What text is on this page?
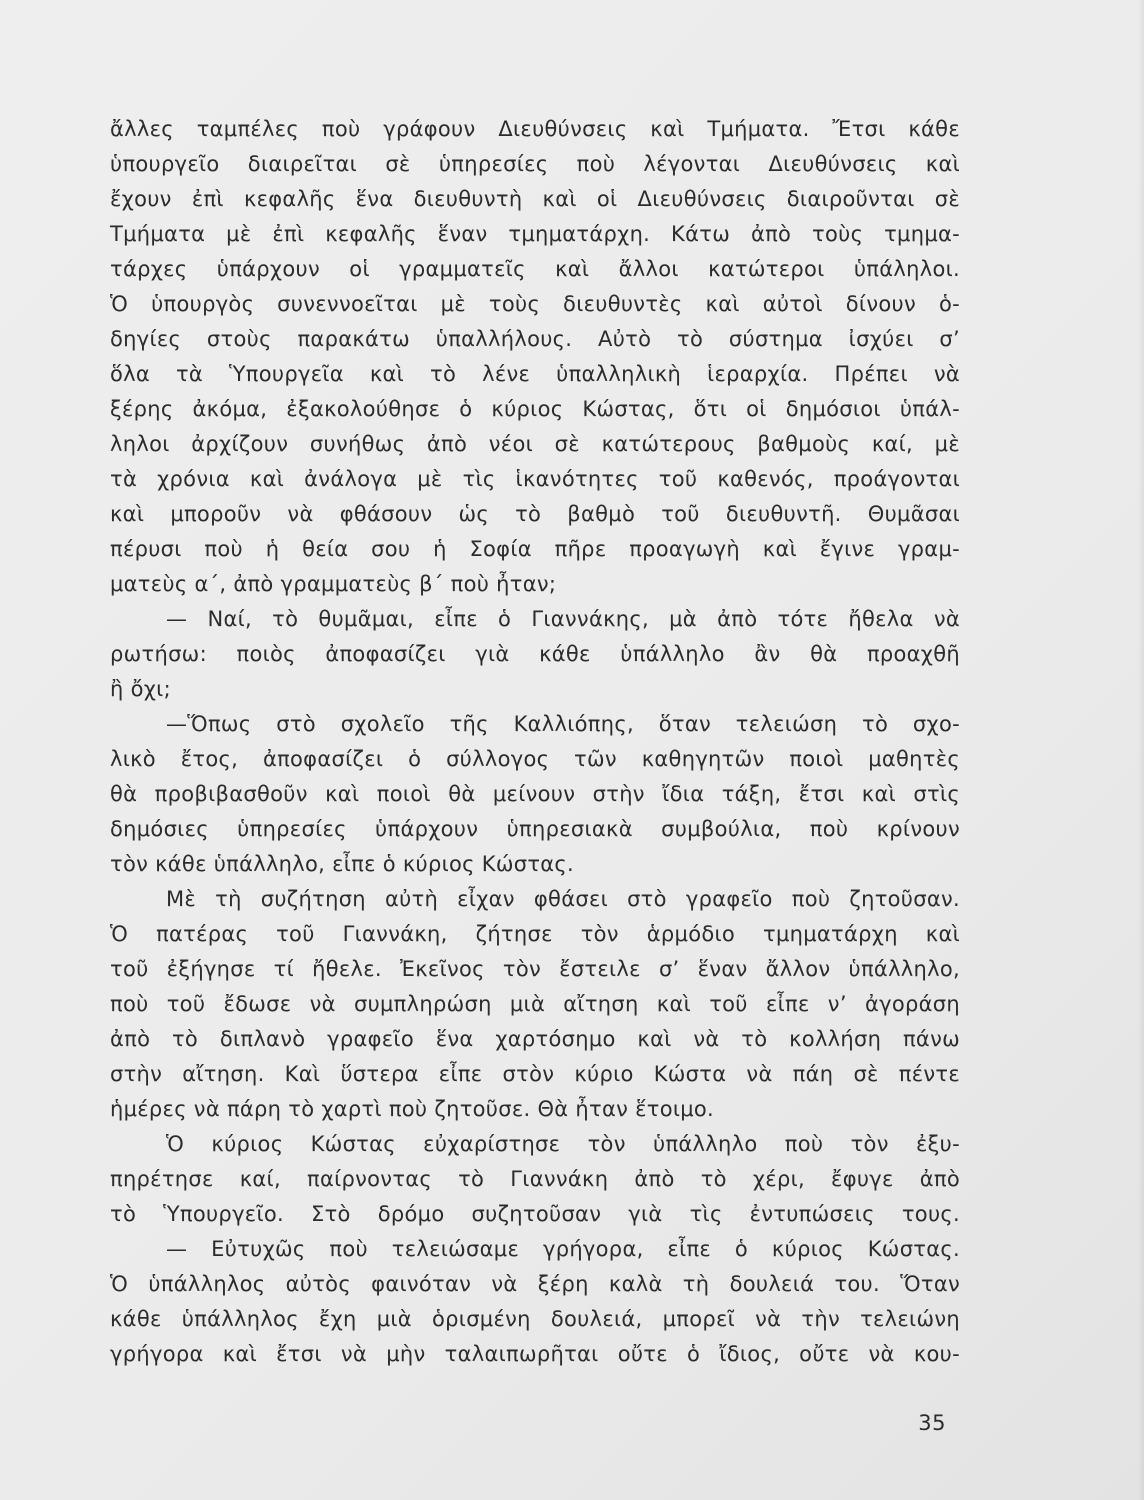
ἄλλες ταμπέλες ποὺ γράφουν Διευθύνσεις καὶ Τμήματα. Ἔτσι κάθε
ὑπουργεῖο διαιρεῖται σὲ ὑπηρεσίες ποὺ λέγονται Διευθύνσεις καὶ
ἔχουν ἐπὶ κεφαλῆς ἕνα διευθυντὴ καὶ οἱ Διευθύνσεις διαιροῦνται σὲ
Τμήματα μὲ ἐπὶ κεφαλῆς ἕναν τμηματάρχη. Κάτω ἀπὸ τοὺς τμημα-
τάρχες ὑπάρχουν οἱ γραμματεῖς καὶ ἄλλοι κατώτεροι ὑπάληλοι.
Ὁ ὑπουργὸς συνεννοεῖται μὲ τοὺς διευθυντὲς καὶ αὐτοὶ δίνουν ὁ-
δηγίες στοὺς παρακάτω ὑπαλλήλους. Αὐτὸ τὸ σύστημα ἰσχύει σ’
ὅλα τὰ Ὑπουργεῖα καὶ τὸ λένε ὑπαλληλικὴ ἱεραρχία. Πρέπει νὰ
ξέρης ἀκόμα, ἐξακολούθησε ὁ κύριος Κώστας, ὅτι οἱ δημόσιοι ὑπάλ-
ληλοι ἀρχίζουν συνήθως ἀπὸ νέοι σὲ κατώτερους βαθμοὺς καί, μὲ
τὰ χρόνια καὶ ἀνάλογα μὲ τὶς ἱκανότητες τοῦ καθενός, προάγονται
καὶ μποροῦν νὰ φθάσουν ὡς τὸ βαθμὸ τοῦ διευθυντῆ. Θυμᾶσαι
πέρυσι ποὺ ἡ θεία σου ἡ Σοφία πῆρε προαγωγὴ καὶ ἔγινε γραμ-
ματεὺς α΄, ἀπὸ γραμματεὺς β΄ ποὺ ἦταν;
— Ναί, τὸ θυμᾶμαι, εἶπε ὁ Γιαννάκης, μὰ ἀπὸ τότε ἤθελα νὰ
ρωτήσω: ποιὸς ἀποφασίζει γιὰ κάθε ὑπάλληλο ἂν θὰ προαχθῆ
ἢ ὄχι;
—Ὅπως στὸ σχολεῖο τῆς Καλλιόπης, ὅταν τελειώση τὸ σχο-
λικὸ ἔτος, ἀποφασίζει ὁ σύλλογος τῶν καθηγητῶν ποιοὶ μαθητὲς
θὰ προβιβασθοῦν καὶ ποιοὶ θὰ μείνουν στὴν ἴδια τάξη, ἔτσι καὶ στὶς
δημόσιες ὑπηρεσίες ὑπάρχουν ὑπηρεσιακὰ συμβούλια, ποὺ κρίνουν
τὸν κάθε ὑπάλληλο, εἶπε ὁ κύριος Κώστας.
Μὲ τὴ συζήτηση αὐτὴ εἶχαν φθάσει στὸ γραφεῖο ποὺ ζητοῦσαν.
Ὁ πατέρας τοῦ Γιαννάκη, ζήτησε τὸν ἁρμόδιο τμηματάρχη καὶ
τοῦ ἐξήγησε τί ἤθελε. Ἐκεῖνος τὸν ἔστειλε σ’ ἕναν ἄλλον ὑπάλληλο,
ποὺ τοῦ ἔδωσε νὰ συμπληρώση μιὰ αἴτηση καὶ τοῦ εἶπε ν’ ἀγοράση
ἀπὸ τὸ διπλανὸ γραφεῖο ἕνα χαρτόσημο καὶ νὰ τὸ κολλήση πάνω
στὴν αἴτηση. Καὶ ὕστερα εἶπε στὸν κύριο Κώστα νὰ πάη σὲ πέντε
ἡμέρες νὰ πάρη τὸ χαρτὶ ποὺ ζητοῦσε. Θὰ ἦταν ἕτοιμο.
Ὁ κύριος Κώστας εὐχαρίστησε τὸν ὑπάλληλο ποὺ τὸν ἐξυ-
πηρέτησε καί, παίρνοντας τὸ Γιαννάκη ἀπὸ τὸ χέρι, ἔφυγε ἀπὸ
τὸ Ὑπουργεῖο. Στὸ δρόμο συζητοῦσαν γιὰ τὶς ἐντυπώσεις τους.
— Εὐτυχῶς ποὺ τελειώσαμε γρήγορα, εἶπε ὁ κύριος Κώστας.
Ὁ ὑπάλληλος αὐτὸς φαινόταν νὰ ξέρη καλὰ τὴ δουλειά του. Ὅταν
κάθε ὑπάλληλος ἔχη μιὰ ὁρισμένη δουλειά, μπορεῖ νὰ τὴν τελειώνη
γρήγορα καὶ ἔτσι νὰ μὴν ταλαιπωρῆται οὔτε ὁ ἴδιος, οὔτε νὰ κου-
35
